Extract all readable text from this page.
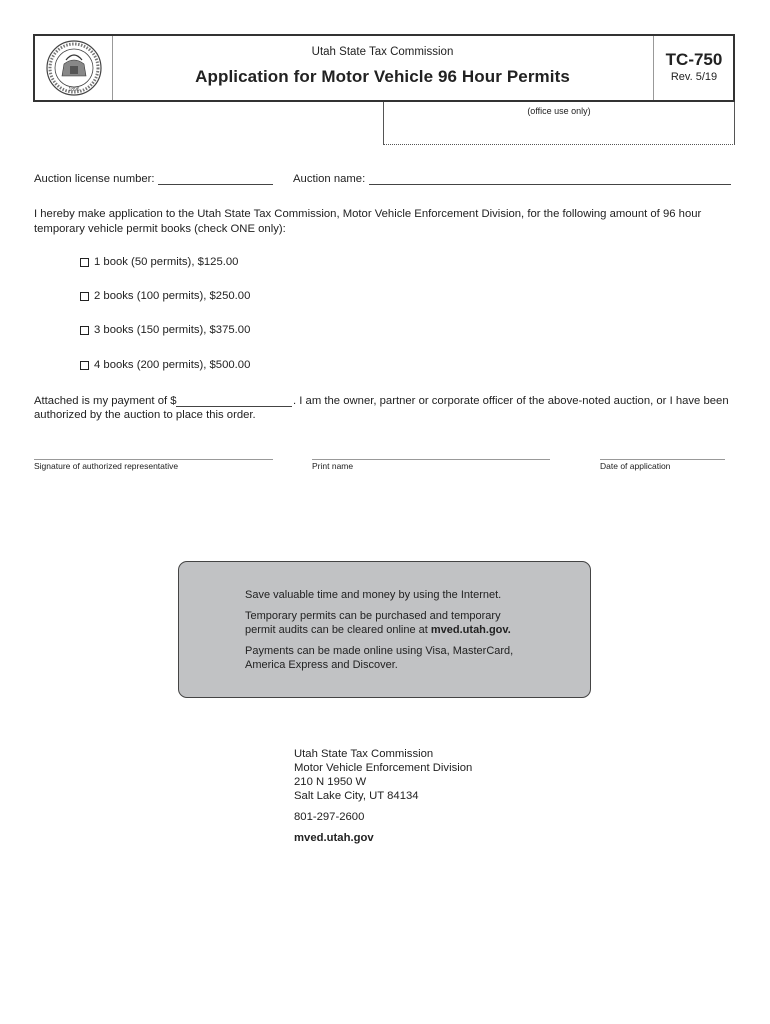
1896
Utah State Tax Commission
Application for Motor Vehicle 96 Hour Permits
TC-750
Rev. 5/19
(office use only)
Auction license number:	Auction name:
I hereby make application to the Utah State Tax Commission, Motor Vehicle Enforcement Division, for the following amount of 96 hour
temporary vehicle permit books (check ONE only):
1 book (50 permits), $125.00
2 books (100 permits), $250.00
3 books (150 permits), $375.00
4 books (200 permits), $500.00
Attached is my payment of $	. I am the owner, partner or corporate officer of the above-noted auction, or I have been
authorized by the auction to place this order.
Signature of authorized representative	Print name	Date of application

Save valuable time and money by using the Internet.

Temporary permits can be purchased and temporary

permit audits can be cleared online at mved.utah.gov.

Payments can be made online using Visa, MasterCard,

America Express and Discover.

Utah State Tax Commission

Motor Vehicle Enforcement Division

210 N 1950 W

Salt Lake City, UT 84134

801-297-2600

mved.utah.gov
